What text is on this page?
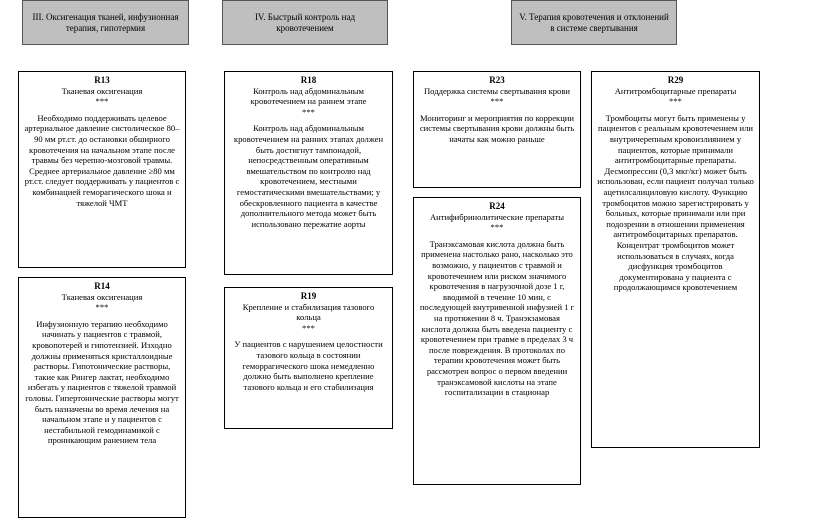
III. Оксигенация тканей, инфузионная терапия, гипотермия
IV. Быстрый контроль над кровотечением
V. Терапия кровотечения и отклонений в системе свертывания
R13
Тканевая оксигенация
***
Необходимо поддерживать целевое артериальное давление систолическое 80–90 мм рт.ст. до остановки обширного кровотечения на начальном этапе после травмы без черепно-мозговой травмы. Среднее артериальное давление ≥80 мм рт.ст. следует поддерживать у пациентов с комбинацией геморагического шока и тяжелой ЧМТ
R14
Тканевая оксигенация
***
Инфузионную терапию необходимо начинать у пациентов с травмой, кровопотерей и гипотензией. Изходно должны применяться кристаллоидные растворы. Гипотонические растворы, такие как Рингер лактат, необходимо избегать у пациентов с тяжелой травмой головы. Гипертонические растворы могут быть назначены во время лечения на начальном этапе и у пациентов с нестабильной гемодинамикой с проникающим ранением тела
R18
Контроль над абдоминальным кровотечением на раннем этапе
***
Контроль над абдоминальным кровотечением на ранних этапах должен быть достигнут тампонадой, непосредственным оперативным вмешательством по контролю над кровотечением, местными гемостатическими вмешательствами; у обескровленного пациента в качестве дополнительного метода может быть использовано пережатие аорты
R19
Крепление и стабилизация тазового кольца
***
У пациентов с нарушением целостности тазового кольца в состоянии геморрагического шока немедленно должно быть выполнено крепление тазового кольца и его стабилизация
R23
Поддержка системы свертывания крови
***
Мониторинг и мероприятия по коррекции системы свертывания крови должны быть начаты как можно раньше
R24
Антифибринолитические препараты
***
Транэксамовая кислота должна быть применена настолько рано, насколько это возможно, у пациентов с травмой и кровотечением или риском значимого кровотечения в нагрузочной дозе 1 г, вводимой в течение 10 мин, с последующей внутривенной инфузией 1 г на протяжении 8 ч. Транэкзамовая кислота должна быть введена пациенту с кровотечением при травме в пределах 3 ч после повреждения. В протоколах по терапии кровотечения может быть рассмотрен вопрос о первом введении транэксамовой кислоты на этапе госпитализации в стационар
R29
Антитромбоцитарные препараты
***
Тромбоциты могут быть применены у пациентов с реальным кровотечением или внутричерепным кровоизлиянием у пациентов, которые принимали антитромбоцитарные препараты. Десмопрессин (0,3 мкг/кг) может быть использован, если пациент получал только ацетилсалициловую кислоту. Функцию тромбоцитов можно зарегистрировать у больных, которые принимали или при подозрении в отношении применения антитромбоцитарных препаратов. Концентрат тромбоцитов может использоваться в случаях, когда дисфункция тромбоцитов документирована у пациента с продолжающимся кровотечением
